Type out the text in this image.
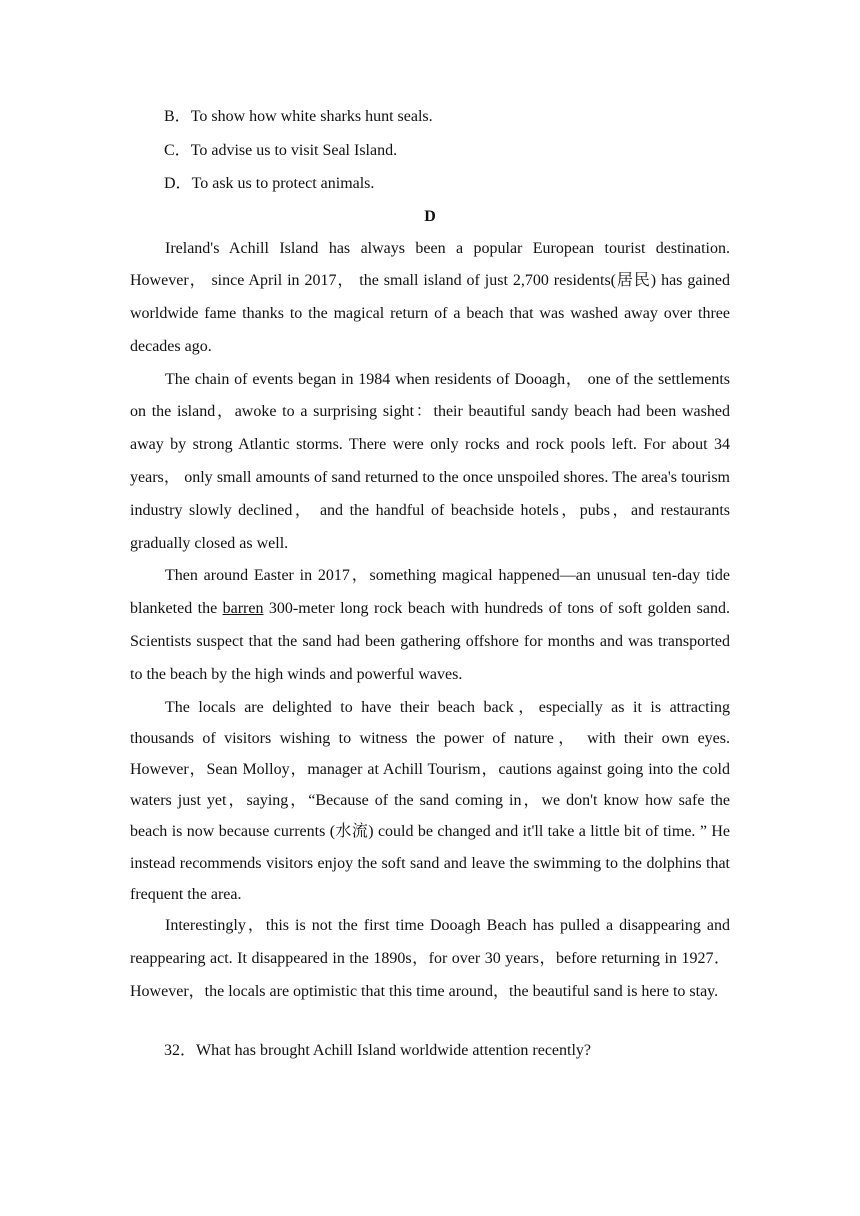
B．To show how white sharks hunt seals.
C．To advise us to visit Seal Island.
D．To ask us to protect animals.
D

Ireland's Achill Island has always been a popular European tourist destination. However， since April in 2017， the small island of just 2,700 residents(居民) has gained worldwide fame thanks to the magical return of a beach that was washed away over three decades ago.

The chain of events began in 1984 when residents of Dooagh， one of the settlements on the island，awoke to a surprising sight：their beautiful sandy beach had been washed away by strong Atlantic storms. There were only rocks and rock pools left. For about 34 years， only small amounts of sand returned to the once unspoiled shores. The area's tourism industry slowly declined， and the handful of beachside hotels，pubs，and restaurants gradually closed as well.

Then around Easter in 2017，something magical happened—an unusual ten-day tide blanketed the barren 300-meter long rock beach with hundreds of tons of soft golden sand. Scientists suspect that the sand had been gathering offshore for months and was transported to the beach by the high winds and powerful waves.

The locals are delighted to have their beach back，especially as it is attracting thousands of visitors wishing to witness the power of nature， with their own eyes. However，Sean Molloy，manager at Achill Tourism，cautions against going into the cold waters just yet，saying，“Because of the sand coming in，we don't know how safe the beach is now because currents (水流) could be changed and it'll take a little bit of time. ” He instead recommends visitors enjoy the soft sand and leave the swimming to the dolphins that frequent the area.

Interestingly，this is not the first time Dooagh Beach has pulled a disappearing and reappearing act. It disappeared in the 1890s，for over 30 years，before returning in 1927．However，the locals are optimistic that this time around，the beautiful sand is here to stay.

32．What has brought Achill Island worldwide attention recently?
